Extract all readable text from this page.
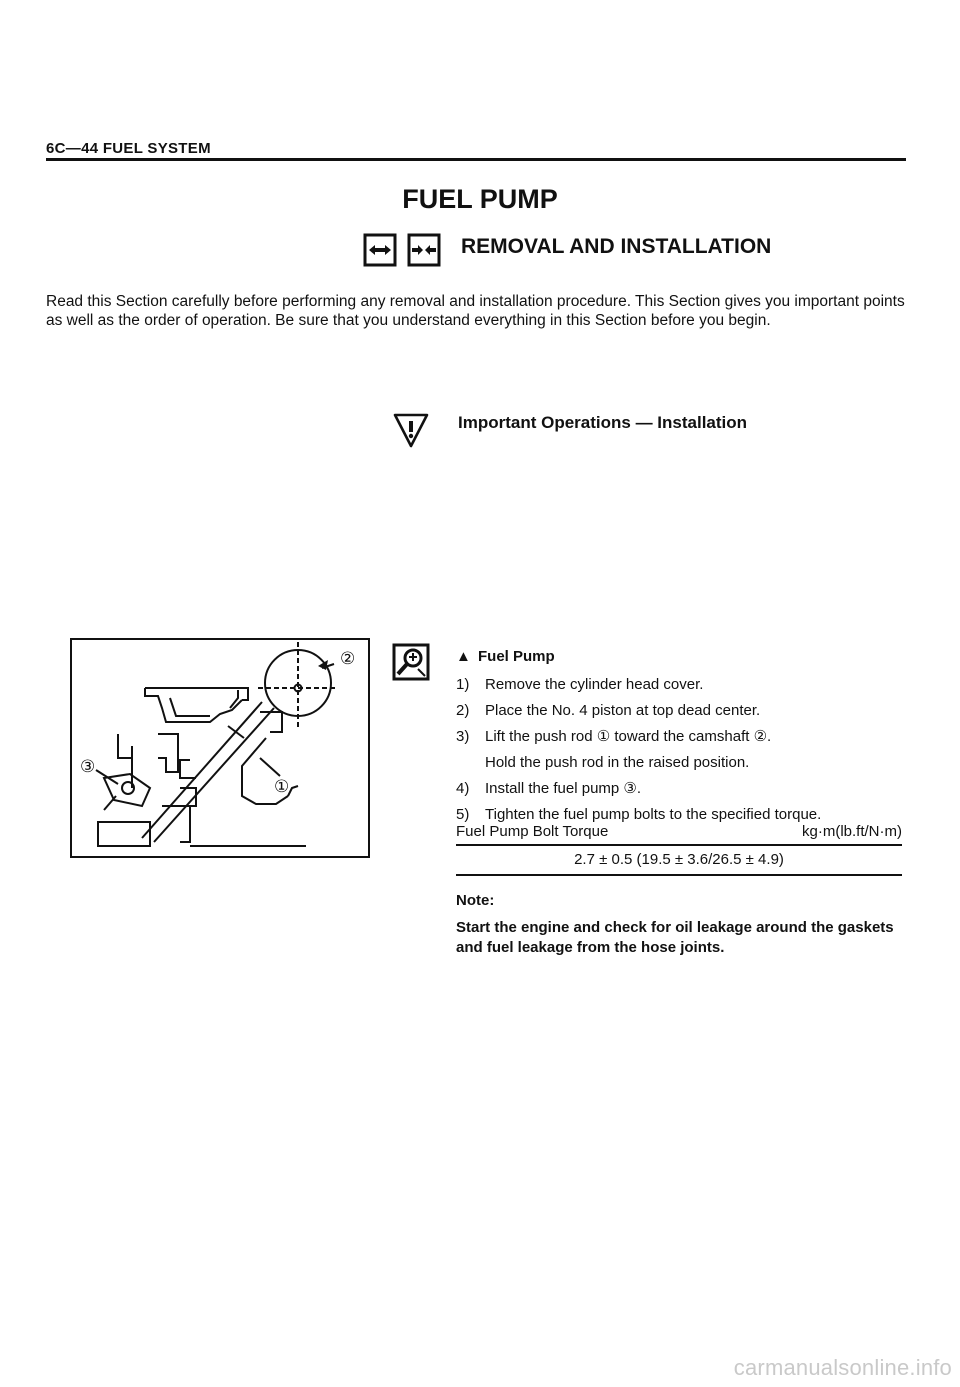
6C—44 FUEL SYSTEM
FUEL PUMP
REMOVAL AND INSTALLATION
Read this Section carefully before performing any removal and installation procedure. This Section gives you important points as well as the order of operation. Be sure that you understand everything in this Section before you begin.
Important Operations — Installation
②
①
③
▲ Fuel Pump
1)	Remove the cylinder head cover.
2)	Place the No. 4 piston at top dead center.
3)	Lift the push rod ① toward the camshaft ②.
Hold the push rod in the raised position.
4)	Install the fuel pump ③.
5)	Tighten the fuel pump bolts to the specified torque.
Fuel Pump Bolt Torque	kg·m(lb.ft/N·m)
2.7 ± 0.5 (19.5 ± 3.6/26.5 ± 4.9)
Note:
Start the engine and check for oil leakage around the gaskets and fuel leakage from the hose joints.
carmanualsonline.info
